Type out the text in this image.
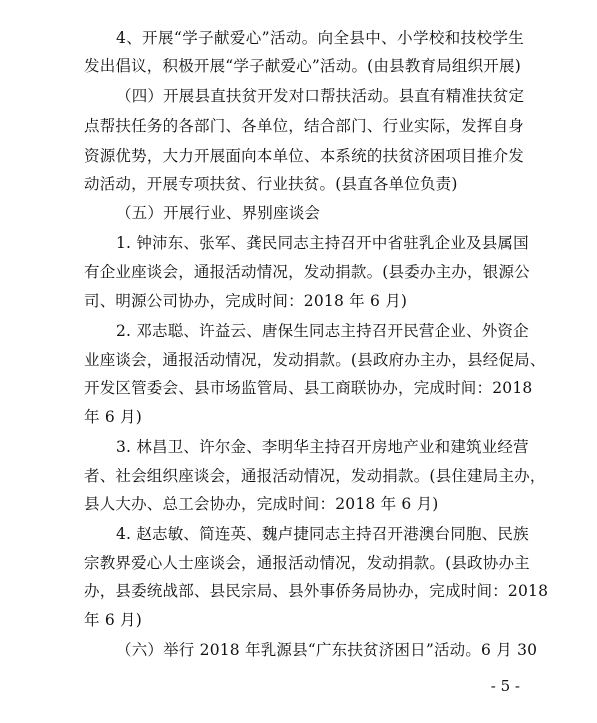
4、开展“学子献爱心”活动。向全县中、小学校和技校学生
发出倡议，积极开展“学子献爱心”活动。(由县教育局组织开展)
（四）开展县直扶贫开发对口帮扶活动。县直有精准扶贫定
点帮扶任务的各部门、各单位，结合部门、行业实际，发挥自身
资源优势，大力开展面向本单位、本系统的扶贫济困项目推介发
动活动，开展专项扶贫、行业扶贫。(县直各单位负责)
（五）开展行业、界别座谈会
1. 钟沛东、张军、龚民同志主持召开中省驻乳企业及县属国
有企业座谈会，通报活动情况，发动捐款。(县委办主办，银源公
司、明源公司协办，完成时间：2018 年 6 月)
2. 邓志聪、许益云、唐保生同志主持召开民营企业、外资企
业座谈会，通报活动情况，发动捐款。(县政府办主办，县经促局、
开发区管委会、县市场监管局、县工商联协办，完成时间：2018
年 6 月)
3. 林昌卫、许尔金、李明华主持召开房地产业和建筑业经营
者、社会组织座谈会，通报活动情况，发动捐款。(县住建局主办，
县人大办、总工会协办，完成时间：2018 年 6 月)
4. 赵志敏、简连英、魏卢捷同志主持召开港澳台同胞、民族
宗教界爱心人士座谈会，通报活动情况，发动捐款。(县政协办主
办，县委统战部、县民宗局、县外事侨务局协办，完成时间：2018
年 6 月)
（六）举行 2018 年乳源县“广东扶贫济困日”活动。6 月 30
- 5 -
